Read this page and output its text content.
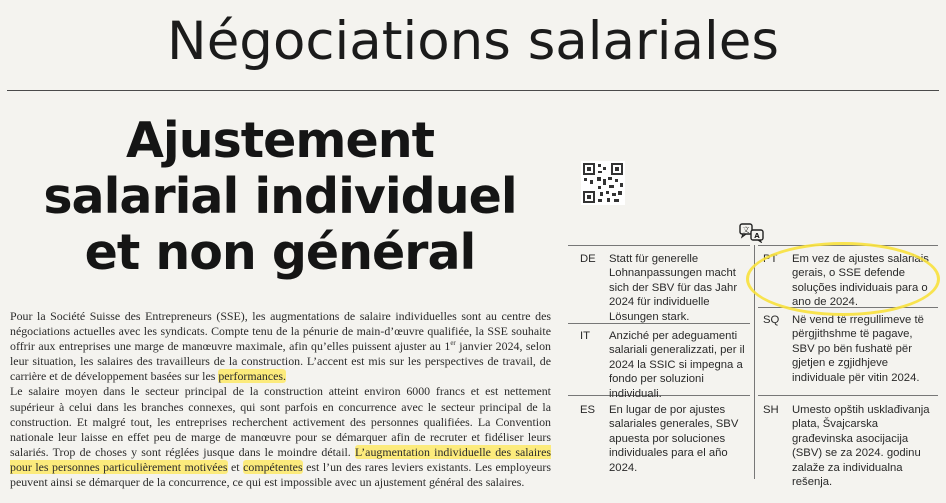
Négociations salariales
Ajustement
salarial individuel
et non général

Pour la Société Suisse des Entrepreneurs (SSE), les augmentations de salaire individuelles sont au centre des négociations actuelles avec les syndicats. Compte tenu de la pénurie de main-d’œuvre qualifiée, la SSE souhaite offrir aux entreprises une marge de manœuvre maximale, afin qu’elles puissent ajuster au 1er janvier 2024, selon leur situation, les salaires des travailleurs de la construction. L’accent est mis sur les perspectives de travail, de carrière et de développement basées sur les performances.

Le salaire moyen dans le secteur principal de la construction atteint environ 6000 francs et est nettement supérieur à celui dans les branches connexes, qui sont parfois en concurrence avec le secteur principal de la construction. Et malgré tout, les entreprises recherchent activement des personnes qualifiées. La Convention nationale leur laisse en effet peu de marge de manœuvre pour se démarquer afin de recruter et fidéliser leurs salariés. Trop de choses y sont réglées jusque dans le moindre détail. L’augmentation individuelle des salaires pour les personnes particulièrement motivées et compétentes est l’un des rares leviers existants. Les employeurs peuvent ainsi se démarquer de la concurrence, ce qui est impossible avec un ajustement général des salaires.

文
A
DE	Statt für generelle Lohnanpassungen macht sich der SBV für das Jahr 2024 für individuelle Lösungen stark.
PT	Em vez de ajustes salariais gerais, o SSE defende soluções individuais para o ano de 2024.
IT	Anziché per adeguamenti salariali generalizzati, per il 2024 la SSIC si impegna a fondo per soluzioni individuali.
SQ	Në vend të rregullimeve të përgjithshme të pagave, SBV po bën fushatë për gjetjen e zgjidhjeve individuale për vitin 2024.
ES	En lugar de por ajustes salariales generales, SBV apuesta por soluciones individuales para el año 2024.
SH	Umesto opštih usklađivanja plata, Švajcarska građevinska asocijacija (SBV) se za 2024. godinu zalaže za individualna rešenja.
